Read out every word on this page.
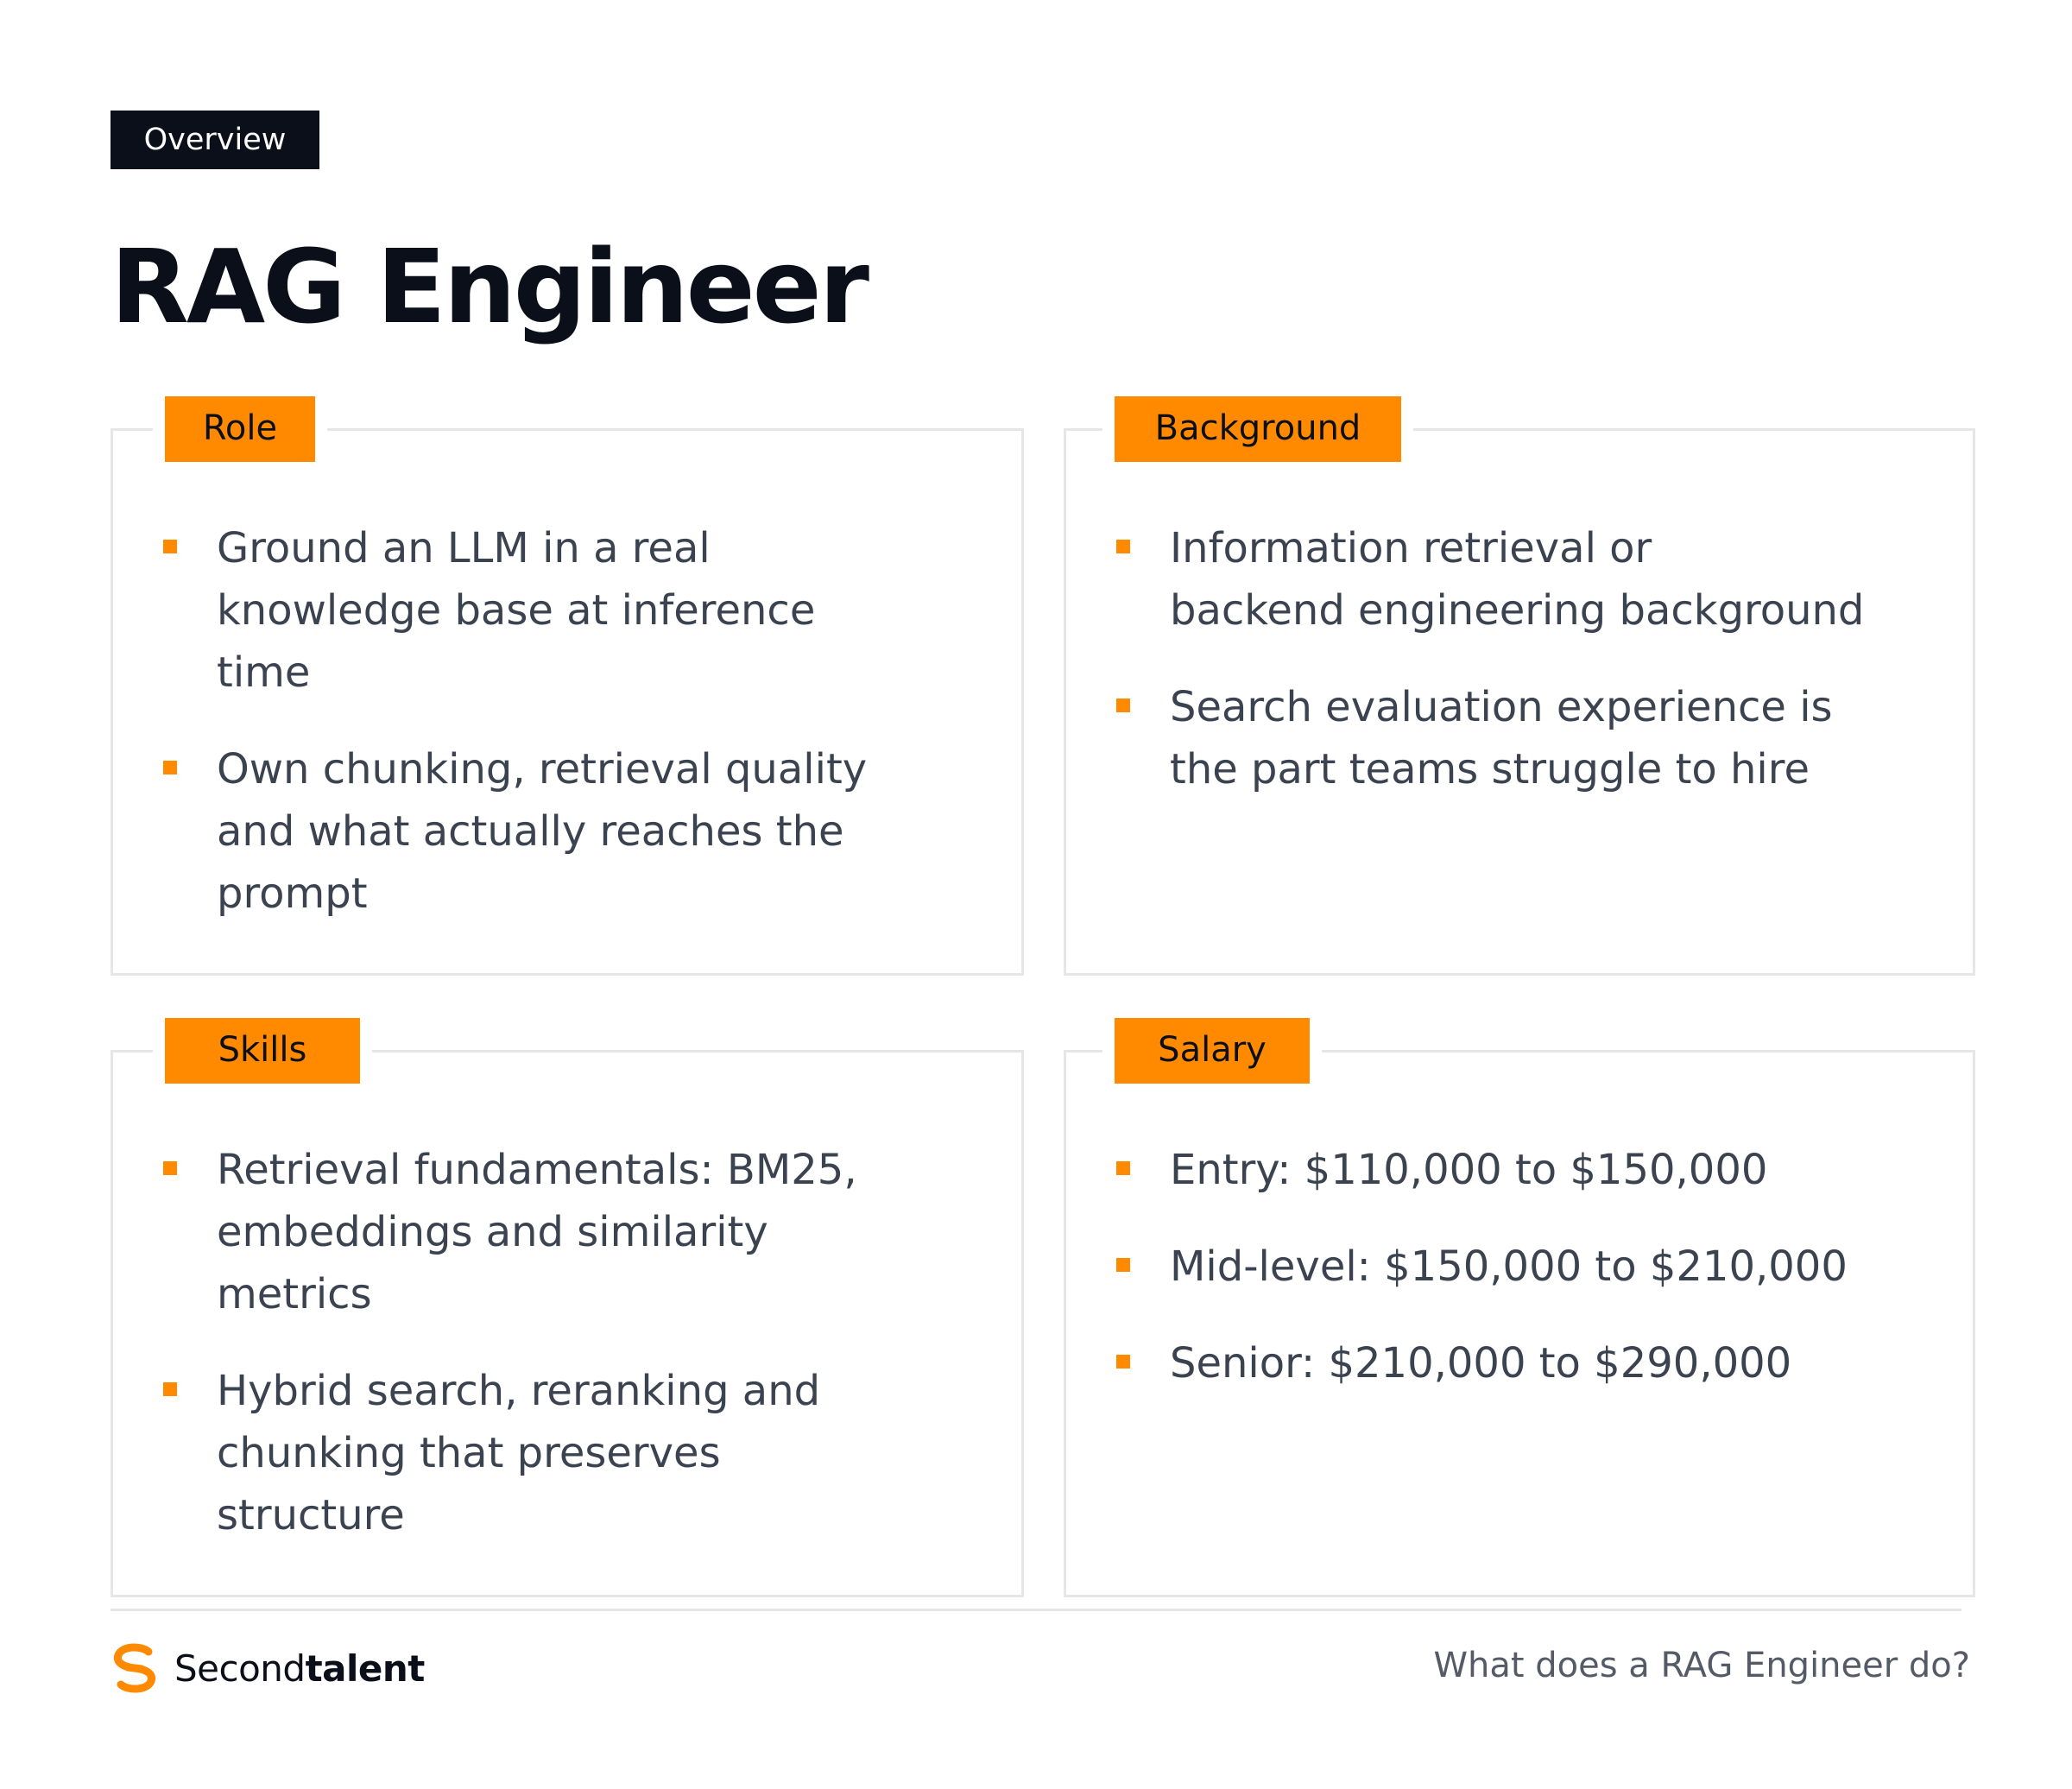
Overview
RAG Engineer
Role
Ground an LLM in a real
knowledge base at inference
time
Own chunking, retrieval quality
and what actually reaches the
prompt
Background
Information retrieval or
backend engineering background
Search evaluation experience is
the part teams struggle to hire
Skills
Retrieval fundamentals: BM25,
embeddings and similarity
metrics
Hybrid search, reranking and
chunking that preserves
structure
Salary
Entry: $110,000 to $150,000
Mid-level: $150,000 to $210,000
Senior: $210,000 to $290,000
Secondtalent	What does a RAG Engineer do?
